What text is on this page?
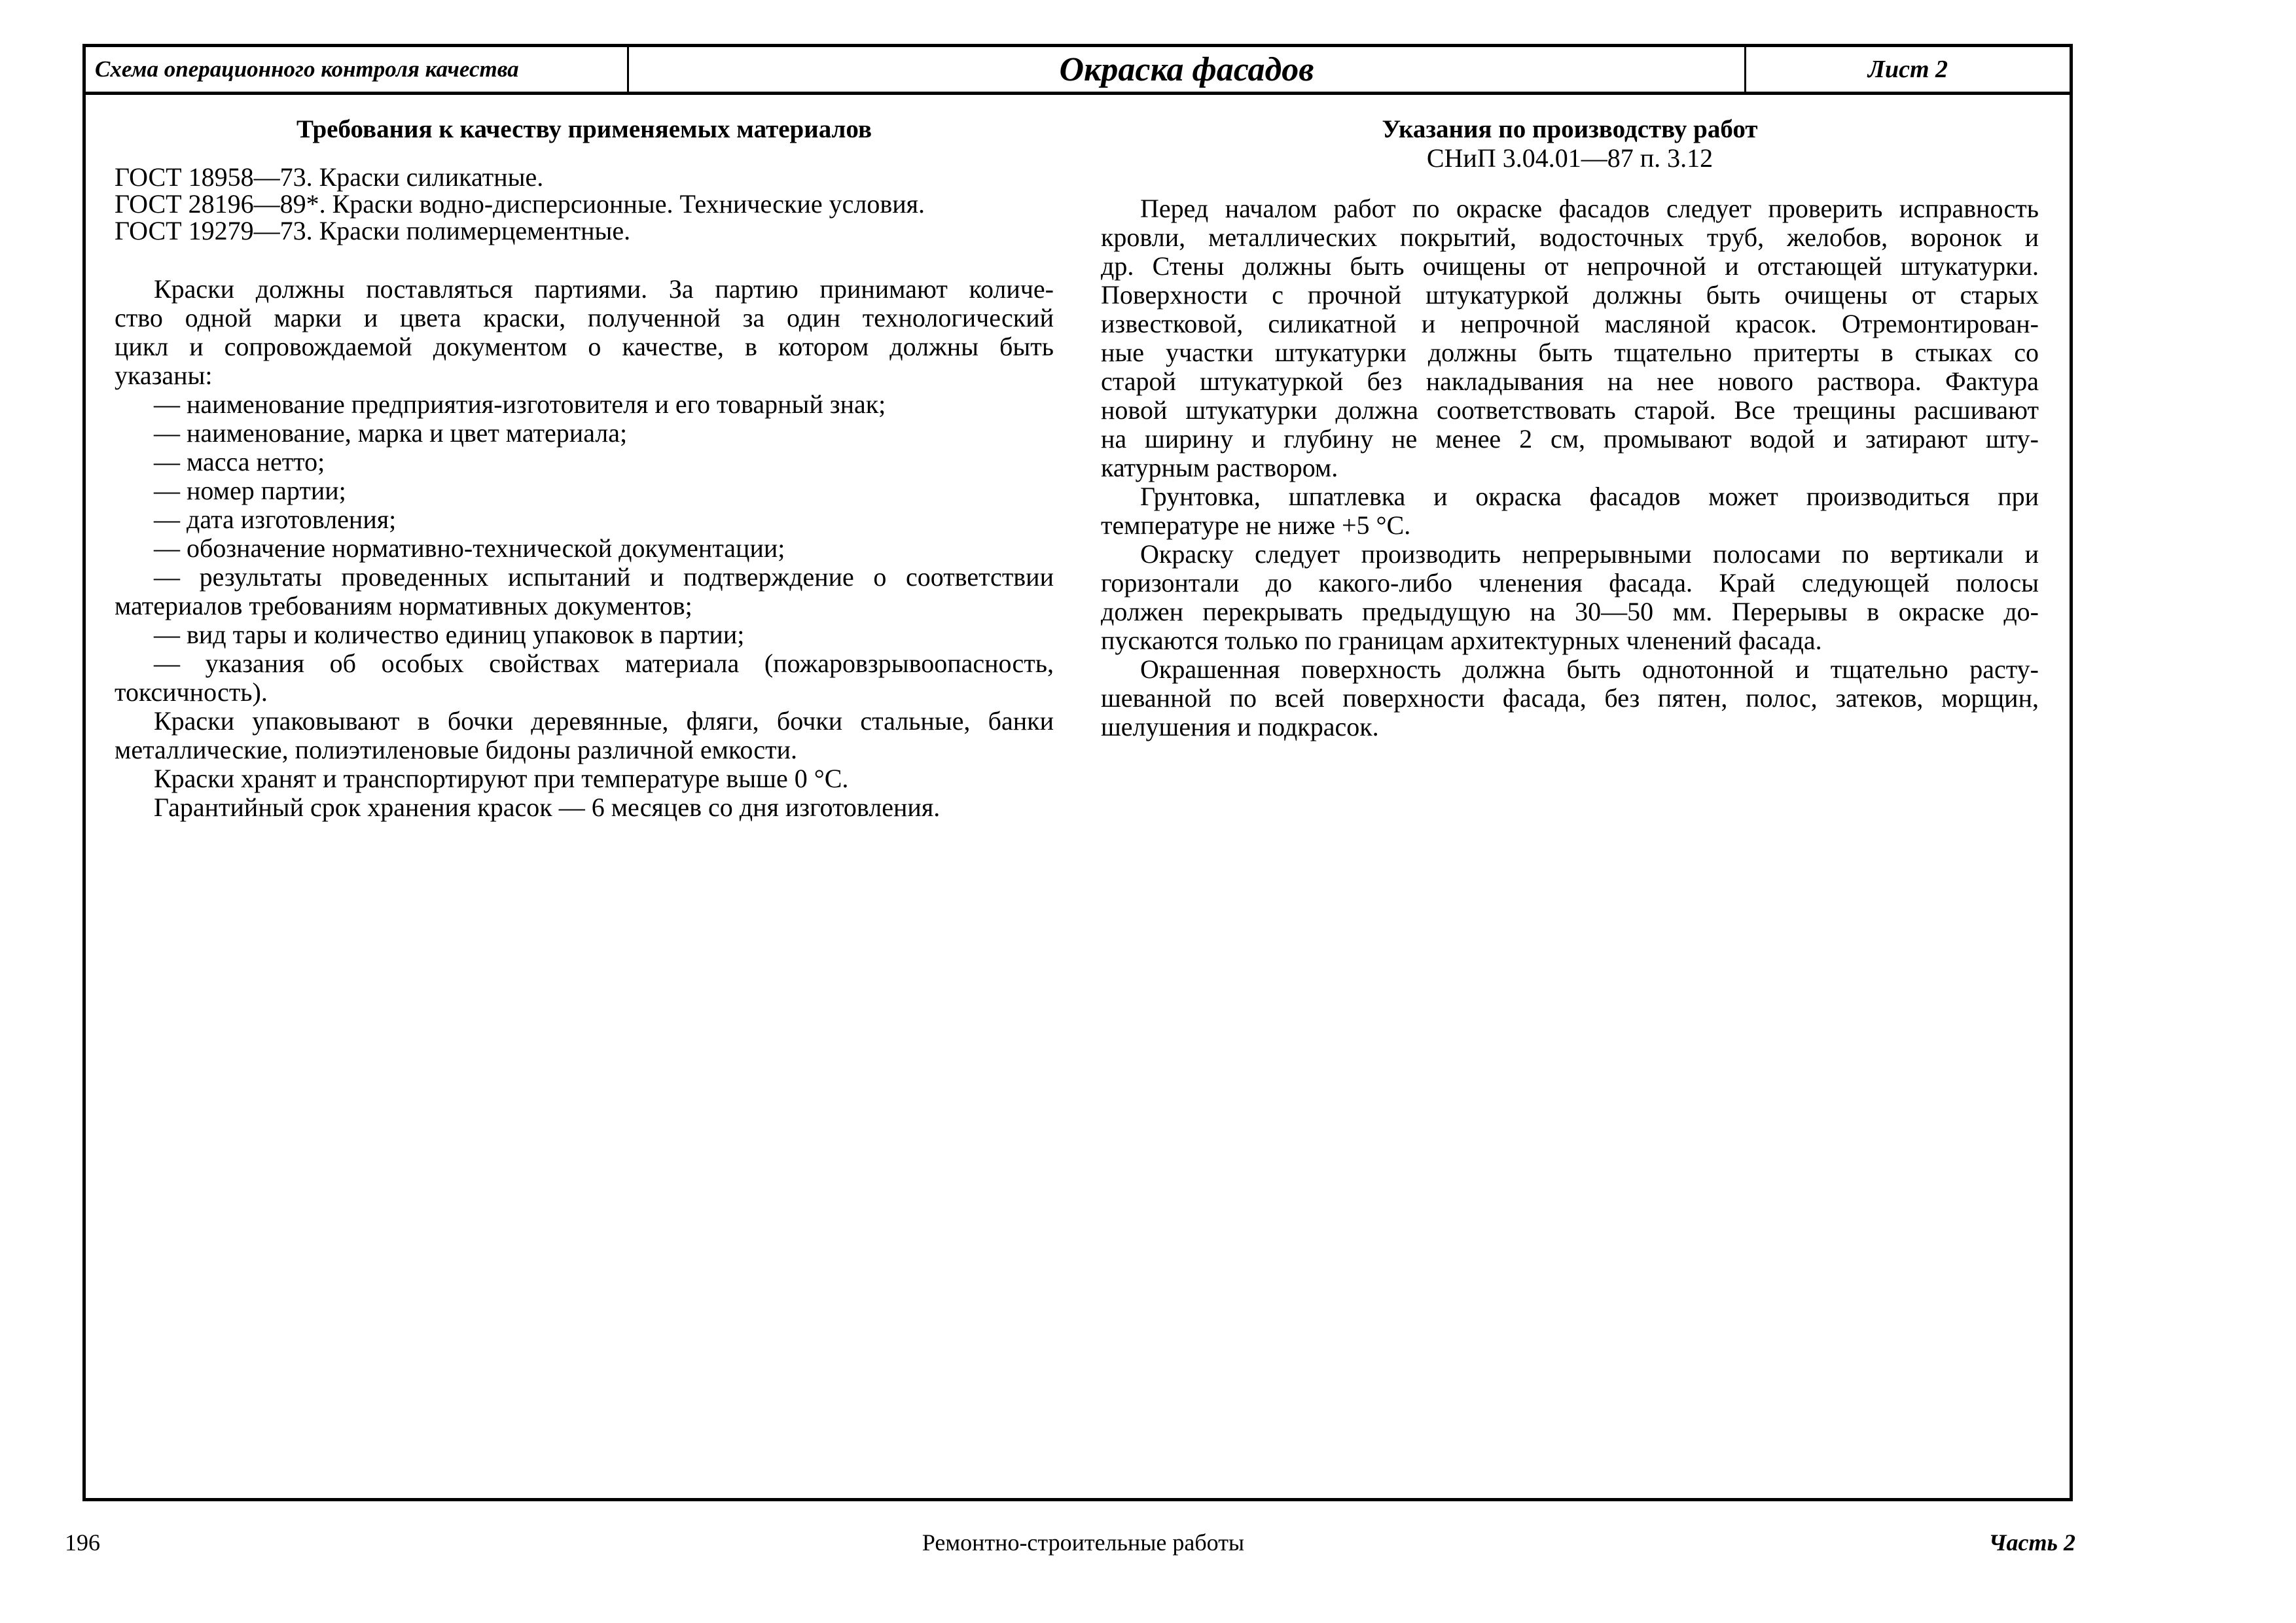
Схема операционного контроля качества	Окраска фасадов	Лист 2
Требования к качеству применяемых материалов
ГОСТ 18958—73. Краски силикатные.
ГОСТ 28196—89*. Краски водно-дисперсионные. Технические условия.
ГОСТ 19279—73. Краски полимерцементные.
Краски должны поставляться партиями. За партию принимают количе-
ство одной марки и цвета краски, полученной за один технологический
цикл и сопровождаемой документом о качестве, в котором должны быть
указаны:
— наименование предприятия-изготовителя и его товарный знак;
— наименование, марка и цвет материала;
— масса нетто;
— номер партии;
— дата изготовления;
— обозначение нормативно-технической документации;
— результаты проведенных испытаний и подтверждение о соответствии
материалов требованиям нормативных документов;
— вид тары и количество единиц упаковок в партии;
— указания об особых свойствах материала (пожаровзрывоопасность,
токсичность).
Краски упаковывают в бочки деревянные, фляги, бочки стальные, банки
металлические, полиэтиленовые бидоны различной емкости.
Краски хранят и транспортируют при температуре выше 0 °С.
Гарантийный срок хранения красок — 6 месяцев со дня изготовления.
Указания по производству работ
СНиП 3.04.01—87 п. 3.12
Перед началом работ по окраске фасадов следует проверить исправность
кровли, металлических покрытий, водосточных труб, желобов, воронок и
др. Стены должны быть очищены от непрочной и отстающей штукатурки.
Поверхности с прочной штукатуркой должны быть очищены от старых
известковой, силикатной и непрочной масляной красок. Отремонтирован-
ные участки штукатурки должны быть тщательно притерты в стыках со
старой штукатуркой без накладывания на нее нового раствора. Фактура
новой штукатурки должна соответствовать старой. Все трещины расшивают
на ширину и глубину не менее 2 см, промывают водой и затирают шту-
катурным раствором.
Грунтовка, шпатлевка и окраска фасадов может производиться при
температуре не ниже +5 °С.
Окраску следует производить непрерывными полосами по вертикали и
горизонтали до какого-либо членения фасада. Край следующей полосы
должен перекрывать предыдущую на 30—50 мм. Перерывы в окраске до-
пускаются только по границам архитектурных членений фасада.
Окрашенная поверхность должна быть однотонной и тщательно расту-
шеванной по всей поверхности фасада, без пятен, полос, затеков, морщин,
шелушения и подкрасок.
196	Ремонтно-строительные работы	Часть 2
